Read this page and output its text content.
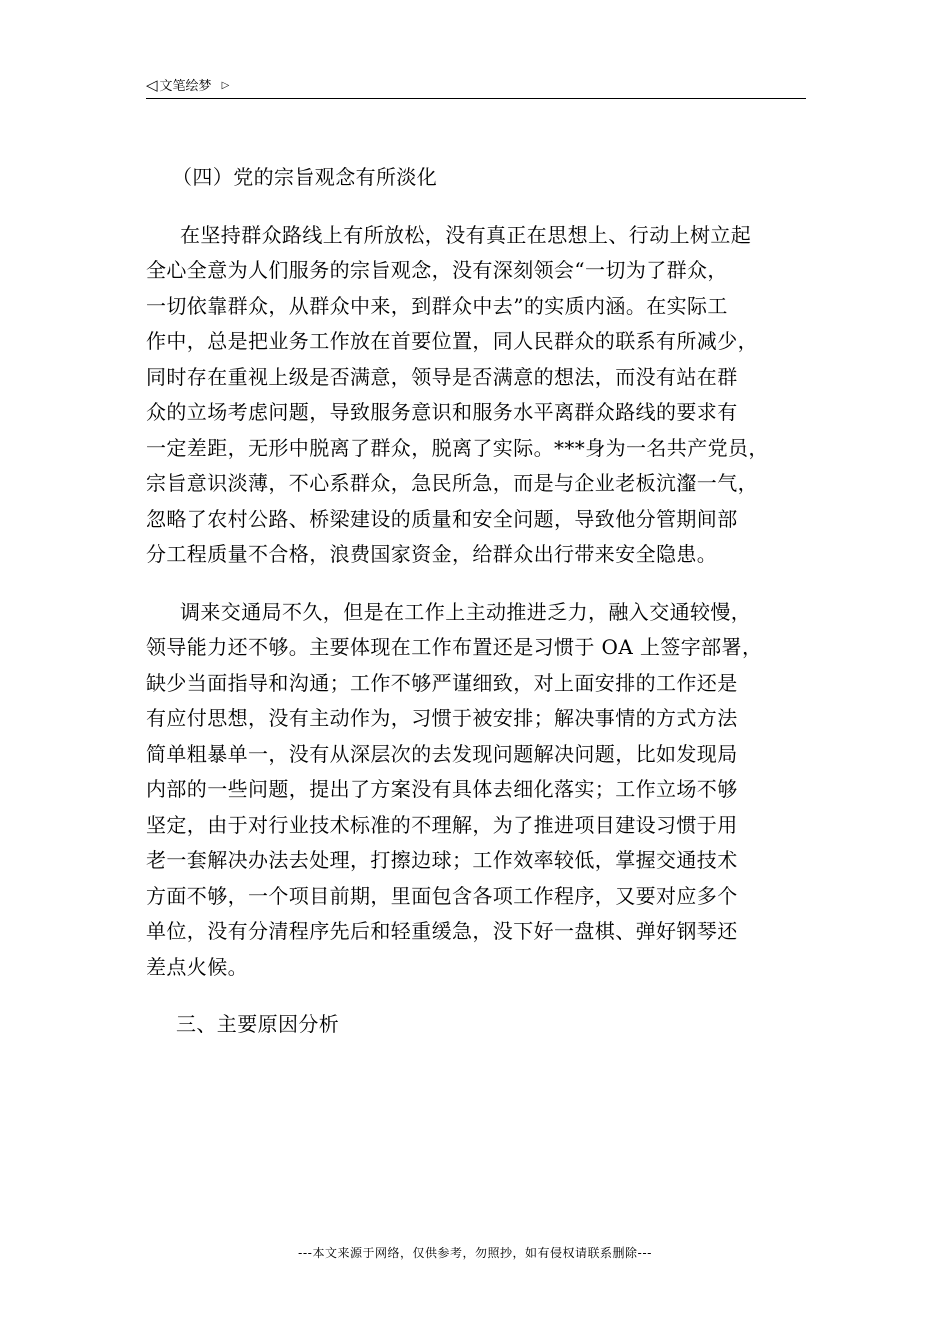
◁ 文笔绘梦 ▷

（四）党的宗旨观念有所淡化

在坚持群众路线上有所放松，没有真正在思想上、行动上树立起
全心全意为人们服务的宗旨观念，没有深刻领会“一切为了群众，
一切依靠群众，从群众中来，到群众中去”的实质内涵。在实际工
作中，总是把业务工作放在首要位置，同人民群众的联系有所减少，
同时存在重视上级是否满意，领导是否满意的想法，而没有站在群
众的立场考虑问题，导致服务意识和服务水平离群众路线的要求有
一定差距，无形中脱离了群众，脱离了实际。***身为一名共产党员，
宗旨意识淡薄，不心系群众，急民所急，而是与企业老板沆瀣一气，
忽略了农村公路、桥梁建设的质量和安全问题，导致他分管期间部
分工程质量不合格，浪费国家资金，给群众出行带来安全隐患。

调来交通局不久，但是在工作上主动推进乏力，融入交通较慢，
领导能力还不够。主要体现在工作布置还是习惯于 OA 上签字部署，
缺少当面指导和沟通；工作不够严谨细致，对上面安排的工作还是
有应付思想，没有主动作为，习惯于被安排；解决事情的方式方法
简单粗暴单一，没有从深层次的去发现问题解决问题，比如发现局
内部的一些问题，提出了方案没有具体去细化落实；工作立场不够
坚定，由于对行业技术标准的不理解，为了推进项目建设习惯于用
老一套解决办法去处理，打擦边球；工作效率较低，掌握交通技术
方面不够，一个项目前期，里面包含各项工作程序，又要对应多个
单位，没有分清程序先后和轻重缓急，没下好一盘棋、弹好钢琴还
差点火候。

三、主要原因分析

---本文来源于网络，仅供参考，勿照抄，如有侵权请联系删除---
